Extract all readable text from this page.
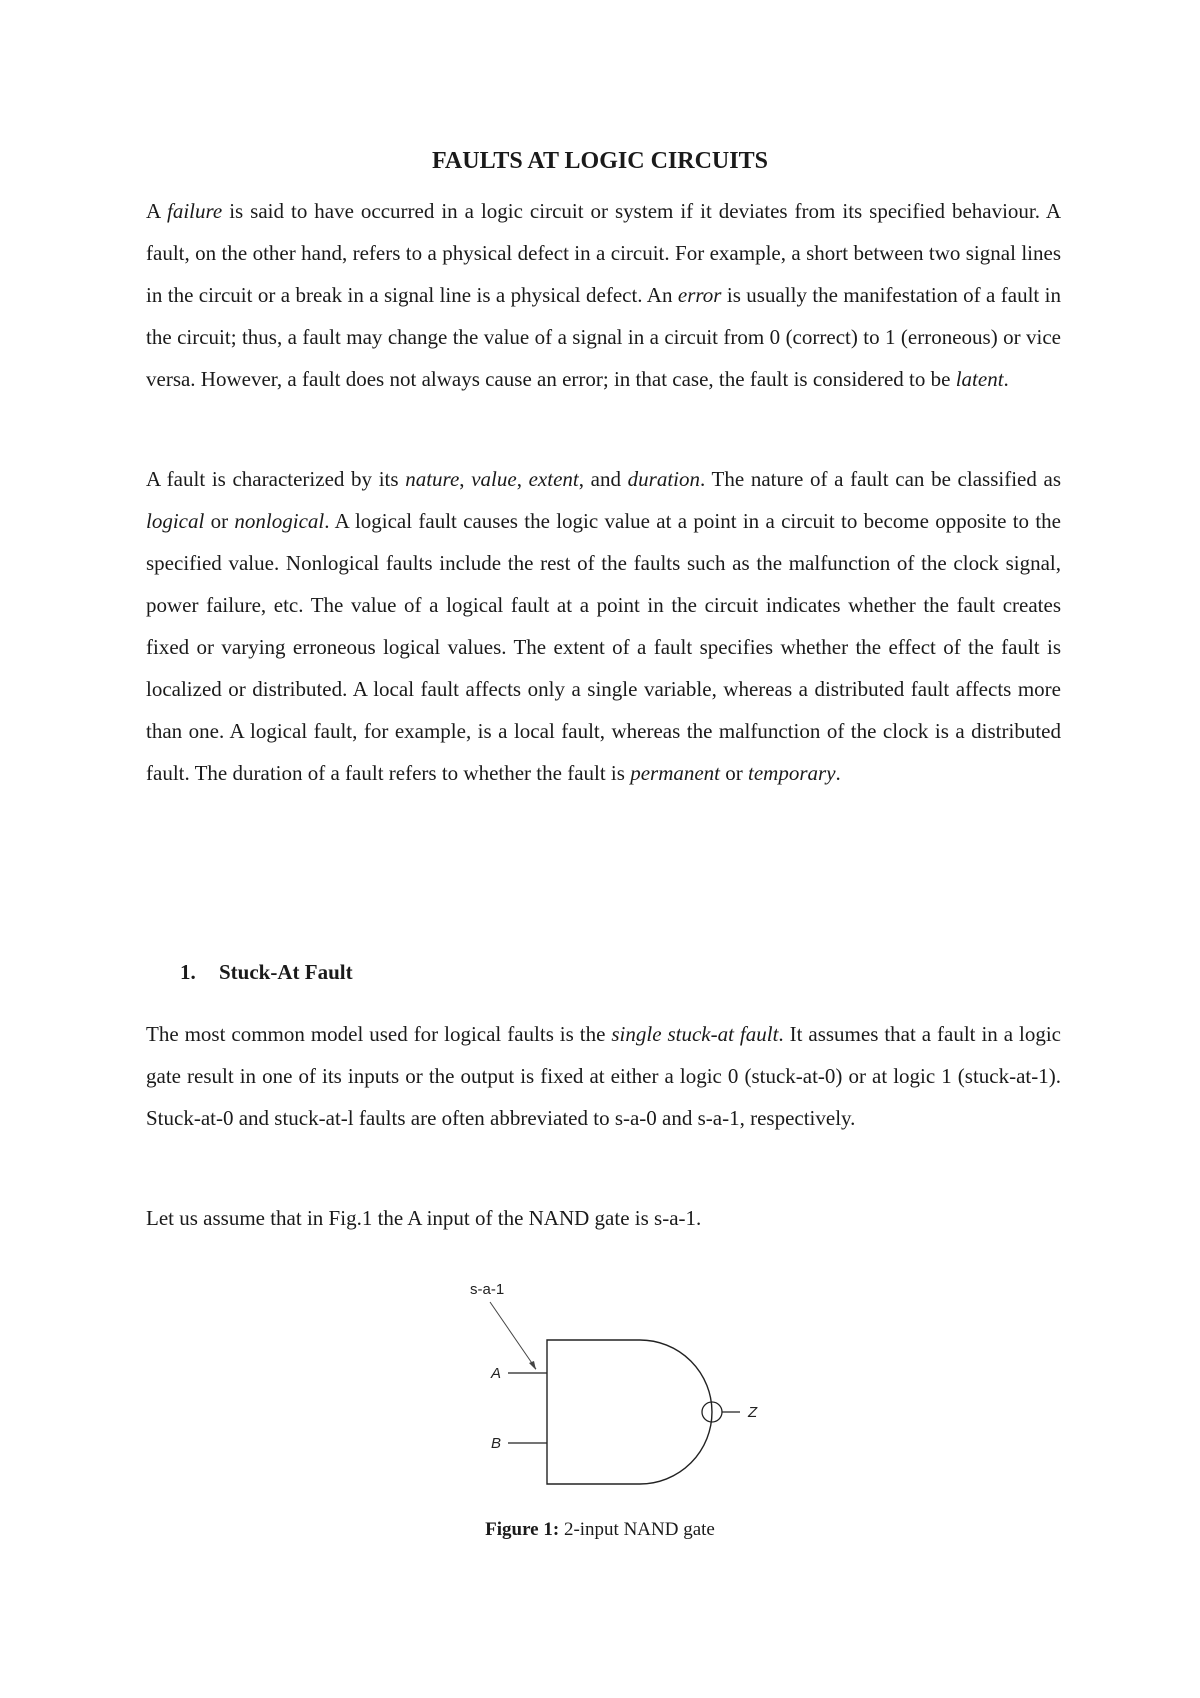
FAULTS AT LOGIC CIRCUITS

A failure is said to have occurred in a logic circuit or system if it deviates from its specified behaviour. A fault, on the other hand, refers to a physical defect in a circuit. For example, a short between two signal lines in the circuit or a break in a signal line is a physical defect. An error is usually the manifestation of a fault in the circuit; thus, a fault may change the value of a signal in a circuit from 0 (correct) to 1 (erroneous) or vice versa. However, a fault does not always cause an error; in that case, the fault is considered to be latent.

A fault is characterized by its nature, value, extent, and duration. The nature of a fault can be classified as logical or nonlogical. A logical fault causes the logic value at a point in a circuit to become opposite to the specified value. Nonlogical faults include the rest of the faults such as the malfunction of the clock signal, power failure, etc. The value of a logical fault at a point in the circuit indicates whether the fault creates fixed or varying erroneous logical values. The extent of a fault specifies whether the effect of the fault is localized or distributed. A local fault affects only a single variable, whereas a distributed fault affects more than one. A logical fault, for example, is a local fault, whereas the malfunction of the clock is a distributed fault. The duration of a fault refers to whether the fault is permanent or temporary.

1. Stuck-At Fault

The most common model used for logical faults is the single stuck-at fault. It assumes that a fault in a logic gate result in one of its inputs or the output is fixed at either a logic 0 (stuck-at-0) or at logic 1 (stuck-at-1). Stuck-at-0 and stuck-at-l faults are often abbreviated to s-a-0 and s-a-1, respectively.

Let us assume that in Fig.1 the A input of the NAND gate is s-a-1.

s-a-1
A
B
Z
Figure 1: 2-input NAND gate
